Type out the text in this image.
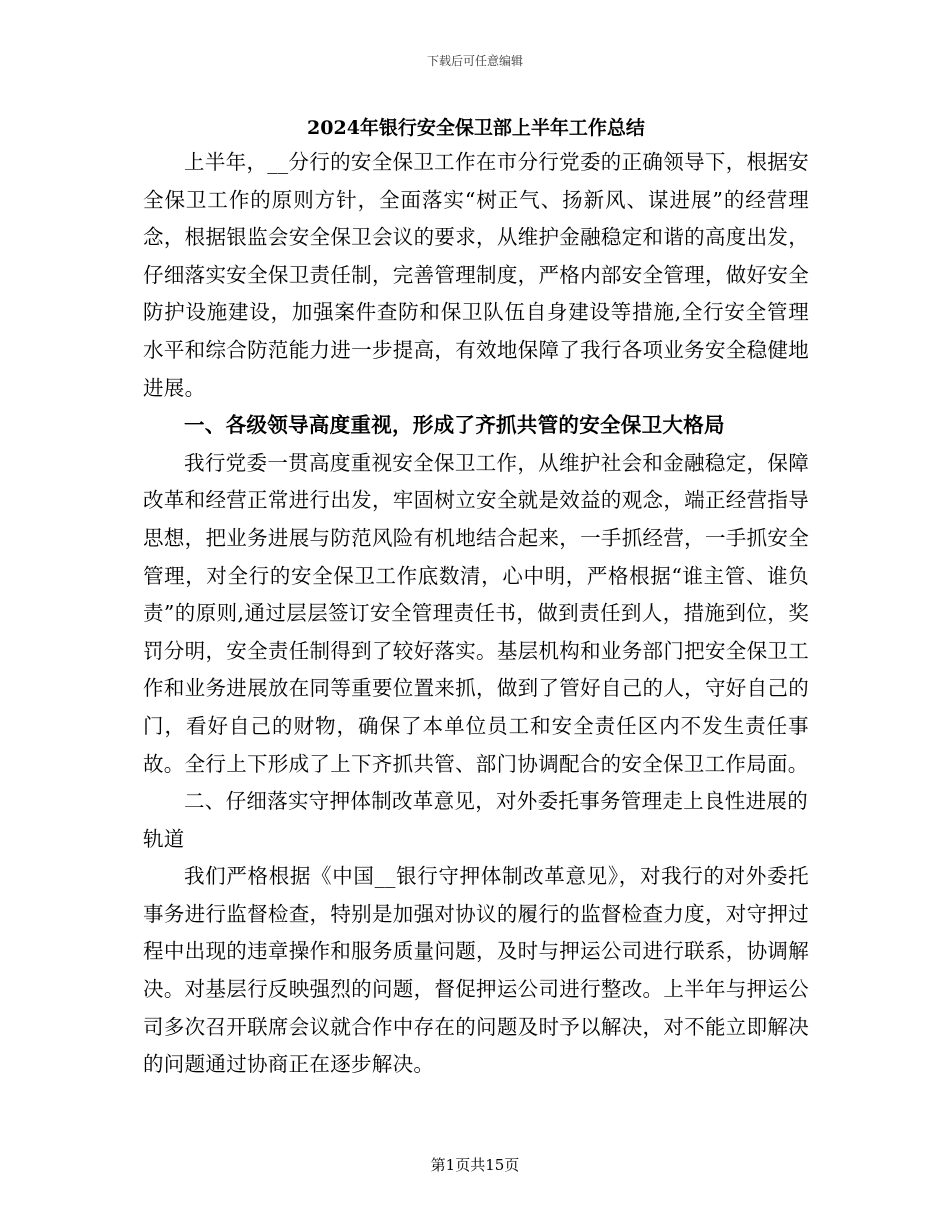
下载后可任意编辑
2024年银行安全保卫部上半年工作总结

上半年，__分行的安全保卫工作在市分行党委的正确领导下，根据安全保卫工作的原则方针，全面落实“树正气、扬新风、谋进展”的经营理念，根据银监会安全保卫会议的要求，从维护金融稳定和谐的高度出发，仔细落实安全保卫责任制，完善管理制度，严格内部安全管理，做好安全防护设施建设，加强案件查防和保卫队伍自身建设等措施,全行安全管理水平和综合防范能力进一步提高，有效地保障了我行各项业务安全稳健地进展。

一、各级领导高度重视，形成了齐抓共管的安全保卫大格局

我行党委一贯高度重视安全保卫工作，从维护社会和金融稳定，保障改革和经营正常进行出发，牢固树立安全就是效益的观念，端正经营指导思想，把业务进展与防范风险有机地结合起来，一手抓经营，一手抓安全管理，对全行的安全保卫工作底数清，心中明，严格根据“谁主管、谁负责”的原则,通过层层签订安全管理责任书，做到责任到人，措施到位，奖罚分明，安全责任制得到了较好落实。基层机构和业务部门把安全保卫工作和业务进展放在同等重要位置来抓，做到了管好自己的人，守好自己的门，看好自己的财物，确保了本单位员工和安全责任区内不发生责任事故。全行上下形成了上下齐抓共管、部门协调配合的安全保卫工作局面。

二、仔细落实守押体制改革意见，对外委托事务管理走上良性进展的轨道

我们严格根据《中国__银行守押体制改革意见》，对我行的对外委托事务进行监督检查，特别是加强对协议的履行的监督检查力度，对守押过程中出现的违章操作和服务质量问题，及时与押运公司进行联系，协调解决。对基层行反映强烈的问题，督促押运公司进行整改。上半年与押运公司多次召开联席会议就合作中存在的问题及时予以解决，对不能立即解决的问题通过协商正在逐步解决。

第1页共15页
